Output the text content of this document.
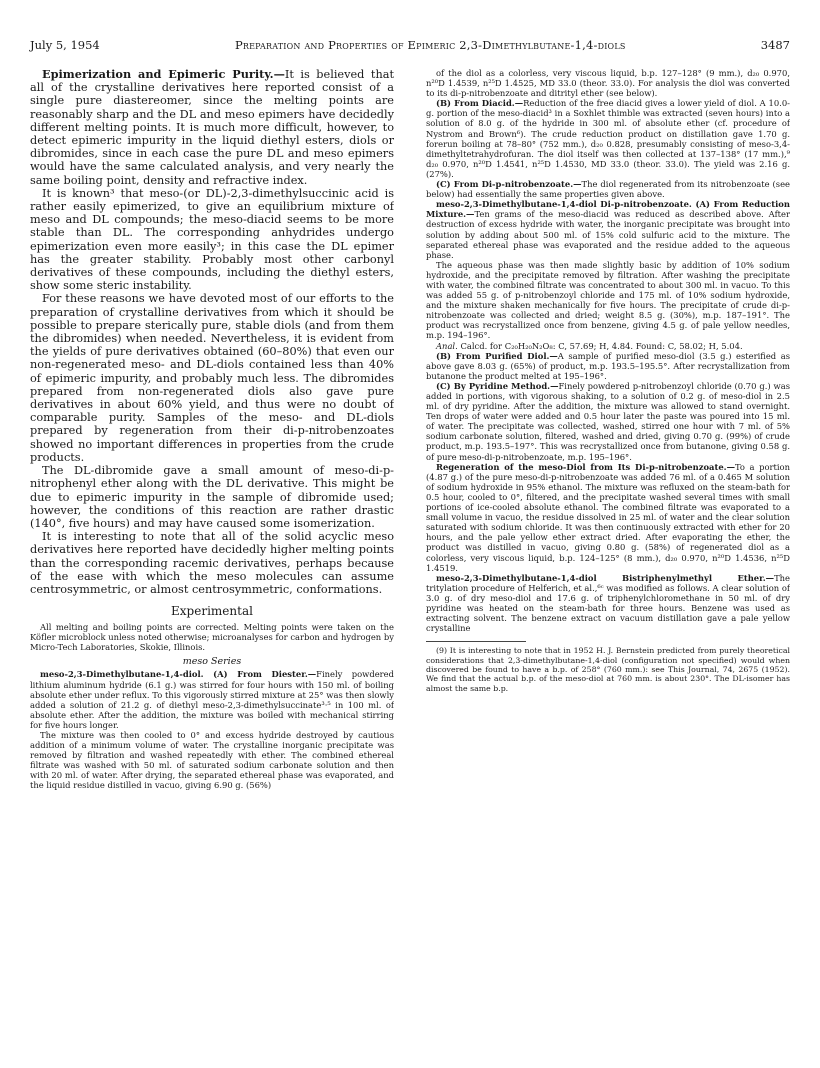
July 5, 1954	Preparation and Properties of Epimeric 2,3-Dimethylbutane-1,4-diols	3487

Epimerization and Epimeric Purity.—It is believed that all of the crystalline derivatives here reported consist of a single pure diastereomer, since the melting points are reasonably sharp and the DL and meso epimers have decidedly different melting points. It is much more difficult, however, to detect epimeric impurity in the liquid diethyl esters, diols or dibromides, since in each case the pure DL and meso epimers would have the same calculated analysis, and very nearly the same boiling point, density and refractive index.

It is known³ that meso-(or DL)-2,3-dimethylsuccinic acid is rather easily epimerized, to give an equilibrium mixture of meso and DL compounds; the meso-diacid seems to be more stable than DL. The corresponding anhydrides undergo epimerization even more easily³; in this case the DL epimer has the greater stability. Probably most other carbonyl derivatives of these compounds, including the diethyl esters, show some steric instability.

For these reasons we have devoted most of our efforts to the preparation of crystalline derivatives from which it should be possible to prepare sterically pure, stable diols (and from them the dibromides) when needed. Nevertheless, it is evident from the yields of pure derivatives obtained (60–80%) that even our non-regenerated meso- and DL-diols contained less than 40% of epimeric impurity, and probably much less. The dibromides prepared from non-regenerated diols also gave pure derivatives in about 60% yield, and thus were no doubt of comparable purity. Samples of the meso- and DL-diols prepared by regeneration from their di-p-nitrobenzoates showed no important differences in properties from the crude products.

The DL-dibromide gave a small amount of meso-di-p-nitrophenyl ether along with the DL derivative. This might be due to epimeric impurity in the sample of dibromide used; however, the conditions of this reaction are rather drastic (140°, five hours) and may have caused some isomerization.

It is interesting to note that all of the solid acyclic meso derivatives here reported have decidedly higher melting points than the corresponding racemic derivatives, perhaps because of the ease with which the meso molecules can assume centrosymmetric, or almost centrosymmetric, conformations.

Experimental

All melting and boiling points are corrected. Melting points were taken on the Köfler microblock unless noted otherwise; microanalyses for carbon and hydrogen by Micro-Tech Laboratories, Skokie, Illinois.

meso Series

meso-2,3-Dimethylbutane-1,4-diol. (A) From Diester.—Finely powdered lithium aluminum hydride (6.1 g.) was stirred for four hours with 150 ml. of boiling absolute ether under reflux. To this vigorously stirred mixture at 25° was then slowly added a solution of 21.2 g. of diethyl meso-2,3-dimethylsuccinate³·⁵ in 100 ml. of absolute ether. After the addition, the mixture was boiled with mechanical stirring for five hours longer.

The mixture was then cooled to 0° and excess hydride destroyed by cautious addition of a minimum volume of water. The crystalline inorganic precipitate was removed by filtration and washed repeatedly with ether. The combined ethereal filtrate was washed with 50 ml. of saturated sodium carbonate solution and then with 20 ml. of water. After drying, the separated ethereal phase was evaporated, and the liquid residue distilled in vacuo, giving 6.90 g. (56%)

of the diol as a colorless, very viscous liquid, b.p. 127–128° (9 mm.), d₂₀ 0.970, n²⁰D 1.4539, n²⁵D 1.4525, MD 33.0 (theor. 33.0). For analysis the diol was converted to its di-p-nitrobenzoate and ditrityl ether (see below).

(B) From Diacid.—Reduction of the free diacid gives a lower yield of diol. A 10.0-g. portion of the meso-diacid³ in a Soxhlet thimble was extracted (seven hours) into a solution of 8.0 g. of the hydride in 300 ml. of absolute ether (cf. procedure of Nystrom and Brown⁶). The crude reduction product on distillation gave 1.70 g. forerun boiling at 78–80° (752 mm.), d₂₀ 0.828, presumably consisting of meso-3,4-dimethyltetrahydrofuran. The diol itself was then collected at 137–138° (17 mm.),⁹ d₂₀ 0.970, n²⁰D 1.4541, n²⁵D 1.4530, MD 33.0 (theor. 33.0). The yield was 2.16 g. (27%).

(C) From Di-p-nitrobenzoate.—The diol regenerated from its nitrobenzoate (see below) had essentially the same properties given above.

meso-2,3-Dimethylbutane-1,4-diol Di-p-nitrobenzoate. (A) From Reduction Mixture.—Ten grams of the meso-diacid was reduced as described above. After destruction of excess hydride with water, the inorganic precipitate was brought into solution by adding about 500 ml. of 15% cold sulfuric acid to the mixture. The separated ethereal phase was evaporated and the residue added to the aqueous phase.

The aqueous phase was then made slightly basic by addition of 10% sodium hydroxide, and the precipitate removed by filtration. After washing the precipitate with water, the combined filtrate was concentrated to about 300 ml. in vacuo. To this was added 55 g. of p-nitrobenzoyl chloride and 175 ml. of 10% sodium hydroxide, and the mixture shaken mechanically for five hours. The precipitate of crude di-p-nitrobenzoate was collected and dried; weight 8.5 g. (30%), m.p. 187–191°. The product was recrystallized once from benzene, giving 4.5 g. of pale yellow needles, m.p. 194–196°.

Anal. Calcd. for C₂₀H₂₀N₂O₈: C, 57.69; H, 4.84. Found: C, 58.02; H, 5.04.

(B) From Purified Diol.—A sample of purified meso-diol (3.5 g.) esterified as above gave 8.03 g. (65%) of product, m.p. 193.5–195.5°. After recrystallization from butanone the product melted at 195–196°.

(C) By Pyridine Method.—Finely powdered p-nitrobenzoyl chloride (0.70 g.) was added in portions, with vigorous shaking, to a solution of 0.2 g. of meso-diol in 2.5 ml. of dry pyridine. After the addition, the mixture was allowed to stand overnight. Ten drops of water were added and 0.5 hour later the paste was poured into 15 ml. of water. The precipitate was collected, washed, stirred one hour with 7 ml. of 5% sodium carbonate solution, filtered, washed and dried, giving 0.70 g. (99%) of crude product, m.p. 193.5–197°. This was recrystallized once from butanone, giving 0.58 g. of pure meso-di-p-nitrobenzoate, m.p. 195–196°.

Regeneration of the meso-Diol from Its Di-p-nitrobenzoate.—To a portion (4.87 g.) of the pure meso-di-p-nitrobenzoate was added 76 ml. of a 0.465 M solution of sodium hydroxide in 95% ethanol. The mixture was refluxed on the steam-bath for 0.5 hour, cooled to 0°, filtered, and the precipitate washed several times with small portions of ice-cooled absolute ethanol. The combined filtrate was evaporated to a small volume in vacuo, the residue dissolved in 25 ml. of water and the clear solution saturated with sodium chloride. It was then continuously extracted with ether for 20 hours, and the pale yellow ether extract dried. After evaporating the ether, the product was distilled in vacuo, giving 0.80 g. (58%) of regenerated diol as a colorless, very viscous liquid, b.p. 124–125° (8 mm.), d₂₀ 0.970, n²⁰D 1.4536, n²⁵D 1.4519.

meso-2,3-Dimethylbutane-1,4-diol Bistriphenylmethyl Ether.—The tritylation procedure of Helferich, et al.,⁶ᶜ was modified as follows. A clear solution of 3.0 g. of dry meso-diol and 17.6 g. of triphenylchloromethane in 50 ml. of dry pyridine was heated on the steam-bath for three hours. Benzene was used as extracting solvent. The benzene extract on vacuum distillation gave a pale yellow crystalline

(9) It is interesting to note that in 1952 H. J. Bernstein predicted from purely theoretical considerations that 2,3-dimethylbutane-1,4-diol (configuration not specified) would when discovered be found to have a b.p. of 258° (760 mm.): see This Journal, 74, 2675 (1952). We find that the actual b.p. of the meso-diol at 760 mm. is about 230°. The DL-isomer has almost the same b.p.
